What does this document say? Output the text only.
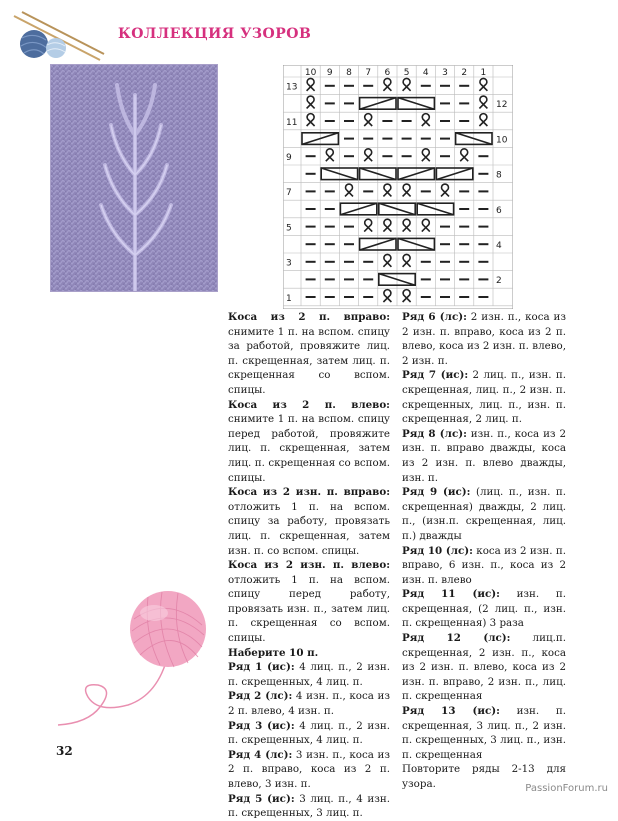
КОЛЛЕКЦИЯ УЗОРОВ
10 9 8 7 6 5 4 3 2 1
13
11
9
7
5
3
1
12
10
8
6
4
2

Коса из 2 п. вправо: снимите 1 п. на вспом. спицу за работой, провяжите лиц. п. скрещенная, затем лиц. п. скрещенная со вспом. спицы.

Коса из 2 п. влево: снимите 1 п. на вспом. спицу перед работой, провяжите лиц. п. скрещенная, затем лиц. п. скрещенная со вспом. спицы.

Коса из 2 изн. п. вправо: отложить 1 п. на вспом. спицу за работу, провязать лиц. п. скрещенная, затем изн. п. со вспом. спицы.

Коса из 2 изн. п. влево: отложить 1 п. на вспом. спицу перед работу, провязать изн. п., затем лиц. п. скрещенная со вспом. спицы.

Наберите 10 п.

Ряд 1 (ис): 4 лиц. п., 2 изн. п. скрещенных, 4 лиц. п.

Ряд 2 (лс): 4 изн. п., коса из 2 п. влево, 4 изн. п.

Ряд 3 (ис): 4 лиц. п., 2 изн. п. скрещенных, 4 лиц. п.

Ряд 4 (лс): 3 изн. п., коса из 2 п. вправо, коса из 2 п. влево, 3 изн. п.

Ряд 5 (ис): 3 лиц. п., 4 изн. п. скрещенных, 3 лиц. п.

Ряд 6 (лс): 2 изн. п., коса из 2 изн. п. вправо, коса из 2 п. влево, коса из 2 изн. п. влево, 2 изн. п.

Ряд 7 (ис): 2 лиц. п., изн. п. скрещенная, лиц. п., 2 изн. п. скрещенных, лиц. п., изн. п. скрещенная, 2 лиц. п.

Ряд 8 (лс): изн. п., коса из 2 изн. п. вправо дважды, коса из 2 изн. п. влево дважды, изн. п.

Ряд 9 (ис): (лиц. п., изн. п. скрещенная) дважды, 2 лиц. п., (изн.п. скрещенная, лиц. п.) дважды

Ряд 10 (лс): коса из 2 изн. п. вправо, 6 изн. п., коса из 2 изн. п. влево

Ряд 11 (ис): изн. п. скрещенная, (2 лиц. п., изн. п. скрещенная) 3 раза

Ряд 12 (лс): лиц.п. скрещенная, 2 изн. п., коса из 2 изн. п. влево, коса из 2 изн. п. вправо, 2 изн. п., лиц. п. скрещенная

Ряд 13 (ис): изн. п. скрещенная, 3 лиц. п., 2 изн. п. скрещенных, 3 лиц. п., изн. п. скрещенная

Повторите ряды 2-13 для узора.

32
PassionForum.ru
